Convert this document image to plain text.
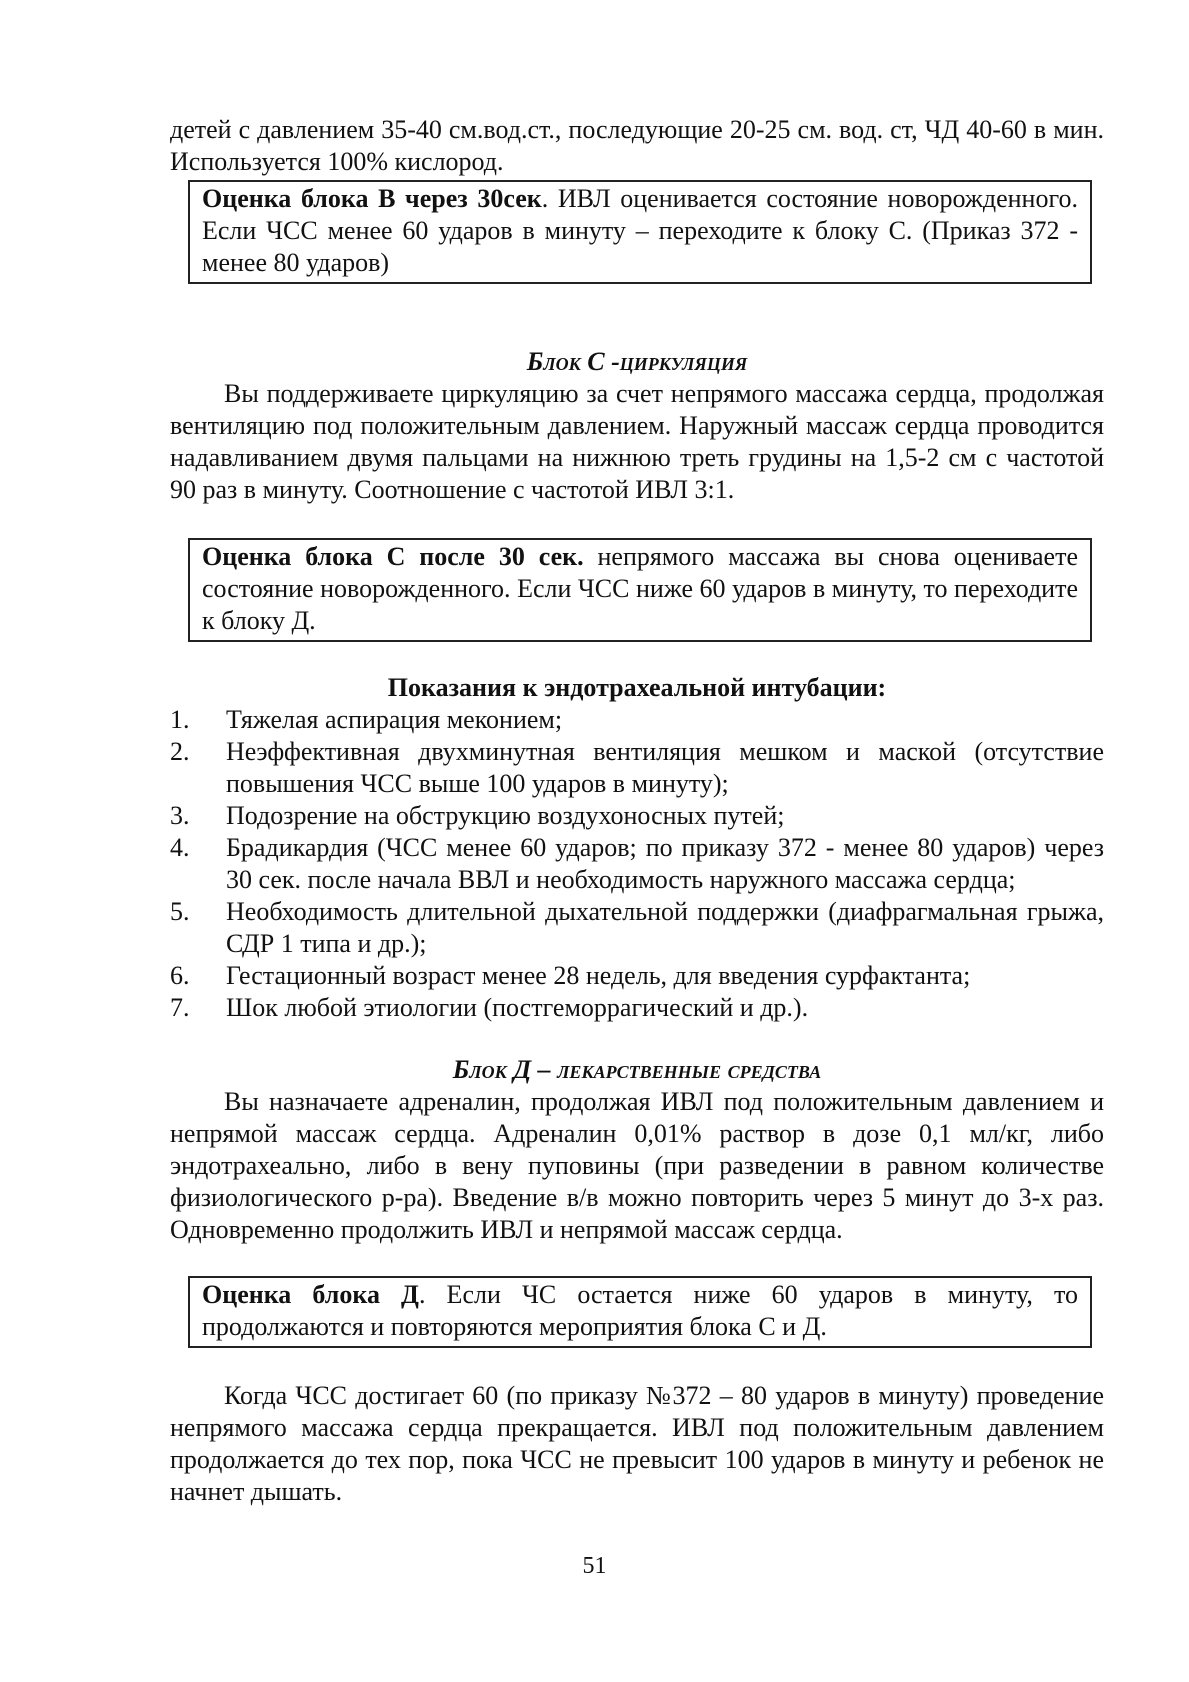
детей с давлением 35-40 см.вод.ст., последующие 20-25 см. вод. ст, ЧД 40-60 в мин. Используется 100% кислород.

Оценка блока В через 30сек. ИВЛ оценивается состояние новорожденного. Если ЧСС менее 60 ударов в минуту – переходите к блоку С. (Приказ 372 - менее 80 ударов)
Блок С -циркуляция

Вы поддерживаете циркуляцию за счет непрямого массажа сердца, продолжая вентиляцию под положительным давлением. Наружный массаж сердца проводится надавливанием двумя пальцами на нижнюю треть грудины на 1,5-2 см с частотой 90 раз в минуту. Соотношение с частотой ИВЛ 3:1.

Оценка блока С после 30 сек. непрямого массажа вы снова оцениваете состояние новорожденного. Если ЧСС ниже 60 ударов в минуту, то переходите к блоку Д.
Показания к эндотрахеальной интубации:
1.	Тяжелая аспирация меконием;
2.	Неэффективная двухминутная вентиляция мешком и маской (отсутствие повышения ЧСС выше 100 ударов в минуту);
3.	Подозрение на обструкцию воздухоносных путей;
4.	Брадикардия (ЧСС менее 60 ударов; по приказу 372 - менее 80 ударов) через 30 сек. после начала ВВЛ и необходимость наружного массажа сердца;
5.	Необходимость длительной дыхательной поддержки (диафрагмальная грыжа, СДР 1 типа и др.);
6.	Гестационный возраст менее 28 недель, для введения сурфактанта;
7.	Шок любой этиологии (постгеморрагический и др.).
Блок Д – лекарственные средства

Вы назначаете адреналин, продолжая ИВЛ под положительным давлением и непрямой массаж сердца. Адреналин 0,01% раствор в дозе 0,1 мл/кг, либо эндотрахеально, либо в вену пуповины (при разведении в равном количестве физиологического р-ра). Введение в/в можно повторить через 5 минут до 3-х раз. Одновременно продолжить ИВЛ и непрямой массаж сердца.

Оценка блока Д. Если ЧС остается ниже 60 ударов в минуту, то продолжаются и повторяются мероприятия блока С и Д.

Когда ЧСС достигает 60 (по приказу №372 – 80 ударов в минуту) проведение непрямого массажа сердца прекращается. ИВЛ под положительным давлением продолжается до тех пор, пока ЧСС не превысит 100 ударов в минуту и ребенок не начнет дышать.

51
